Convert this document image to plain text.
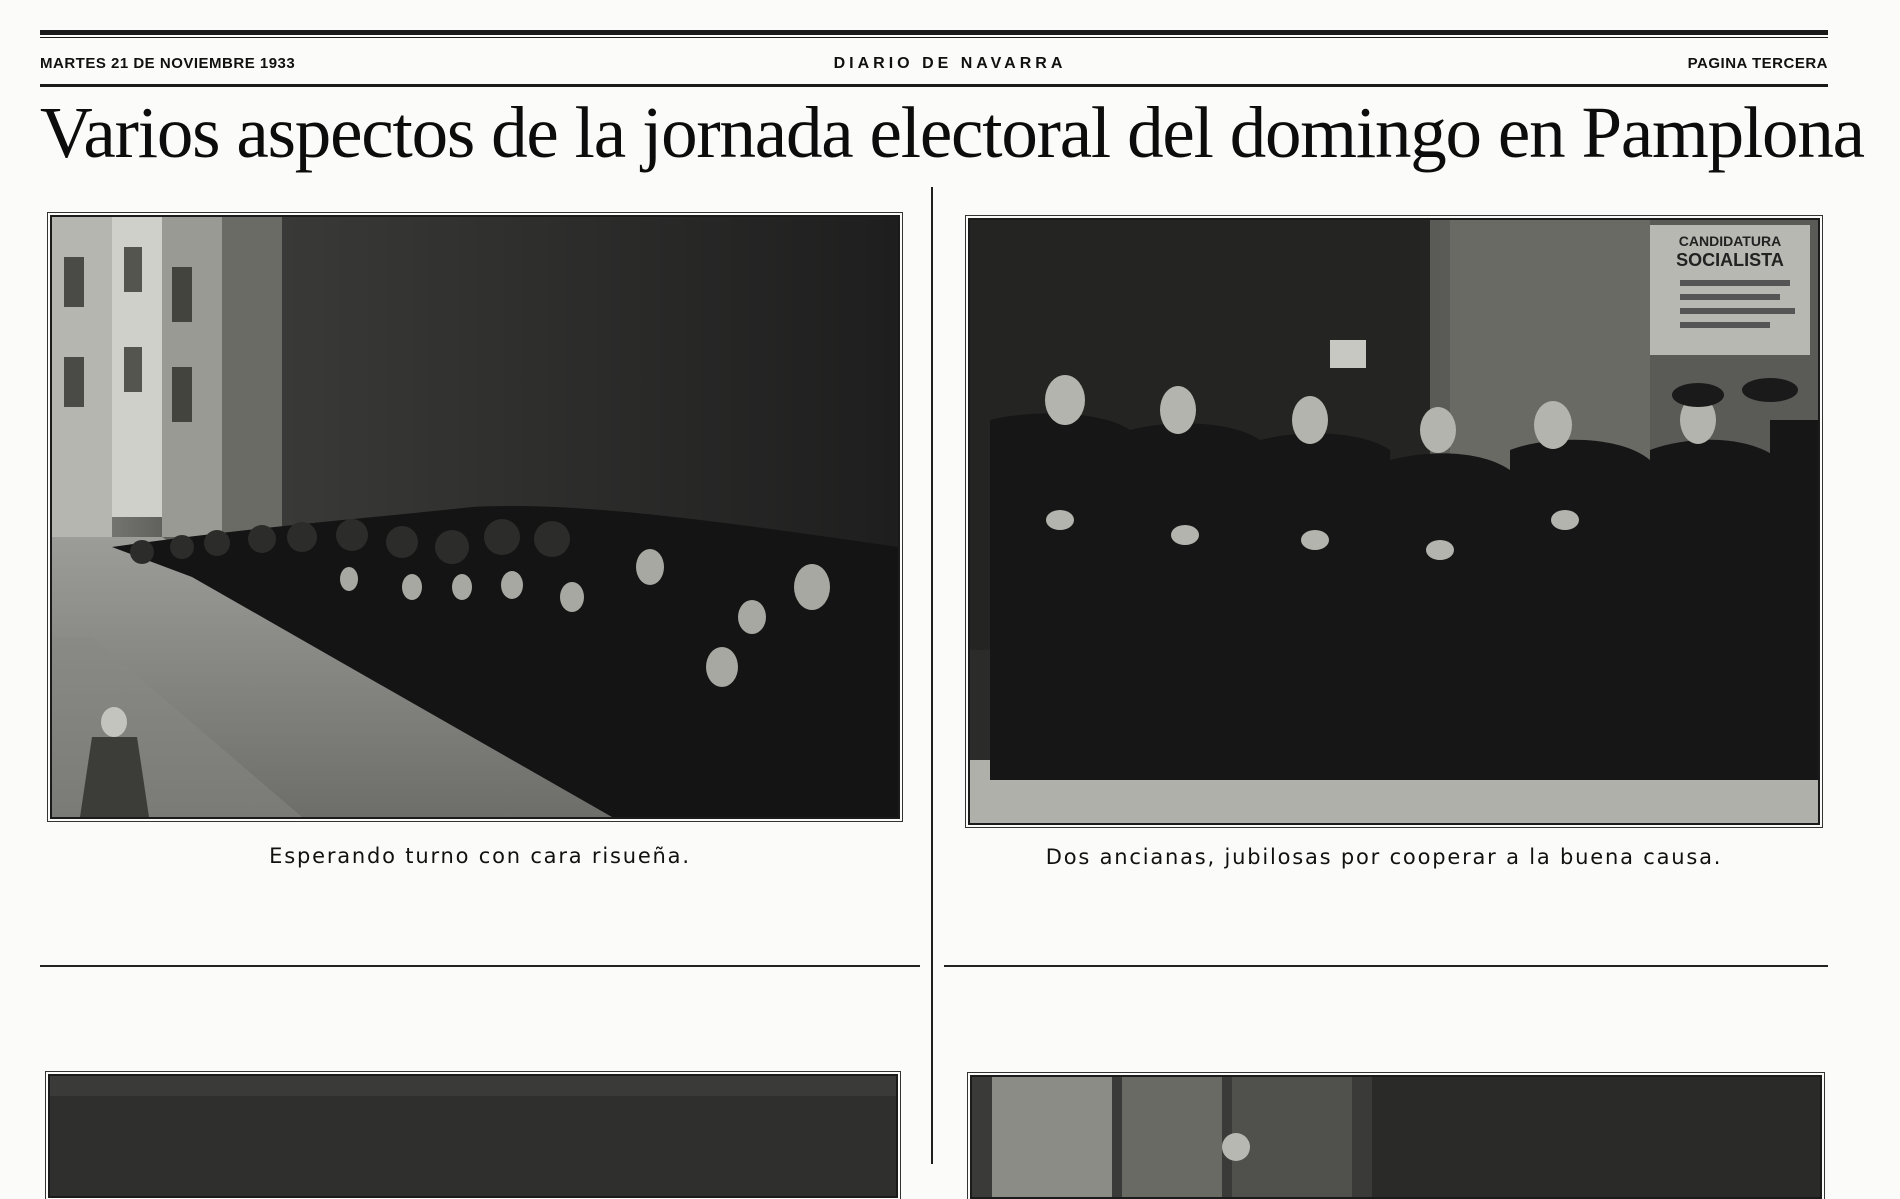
MARTES 21 DE NOVIEMBRE 1933	DIARIO DE NAVARRA	PAGINA TERCERA
Varios aspectos de la jornada electoral del domingo en Pamplona
CANDIDATURA
SOCIALISTA
Esperando turno con cara risueña.	Dos ancianas, jubilosas por cooperar a la buena causa.
